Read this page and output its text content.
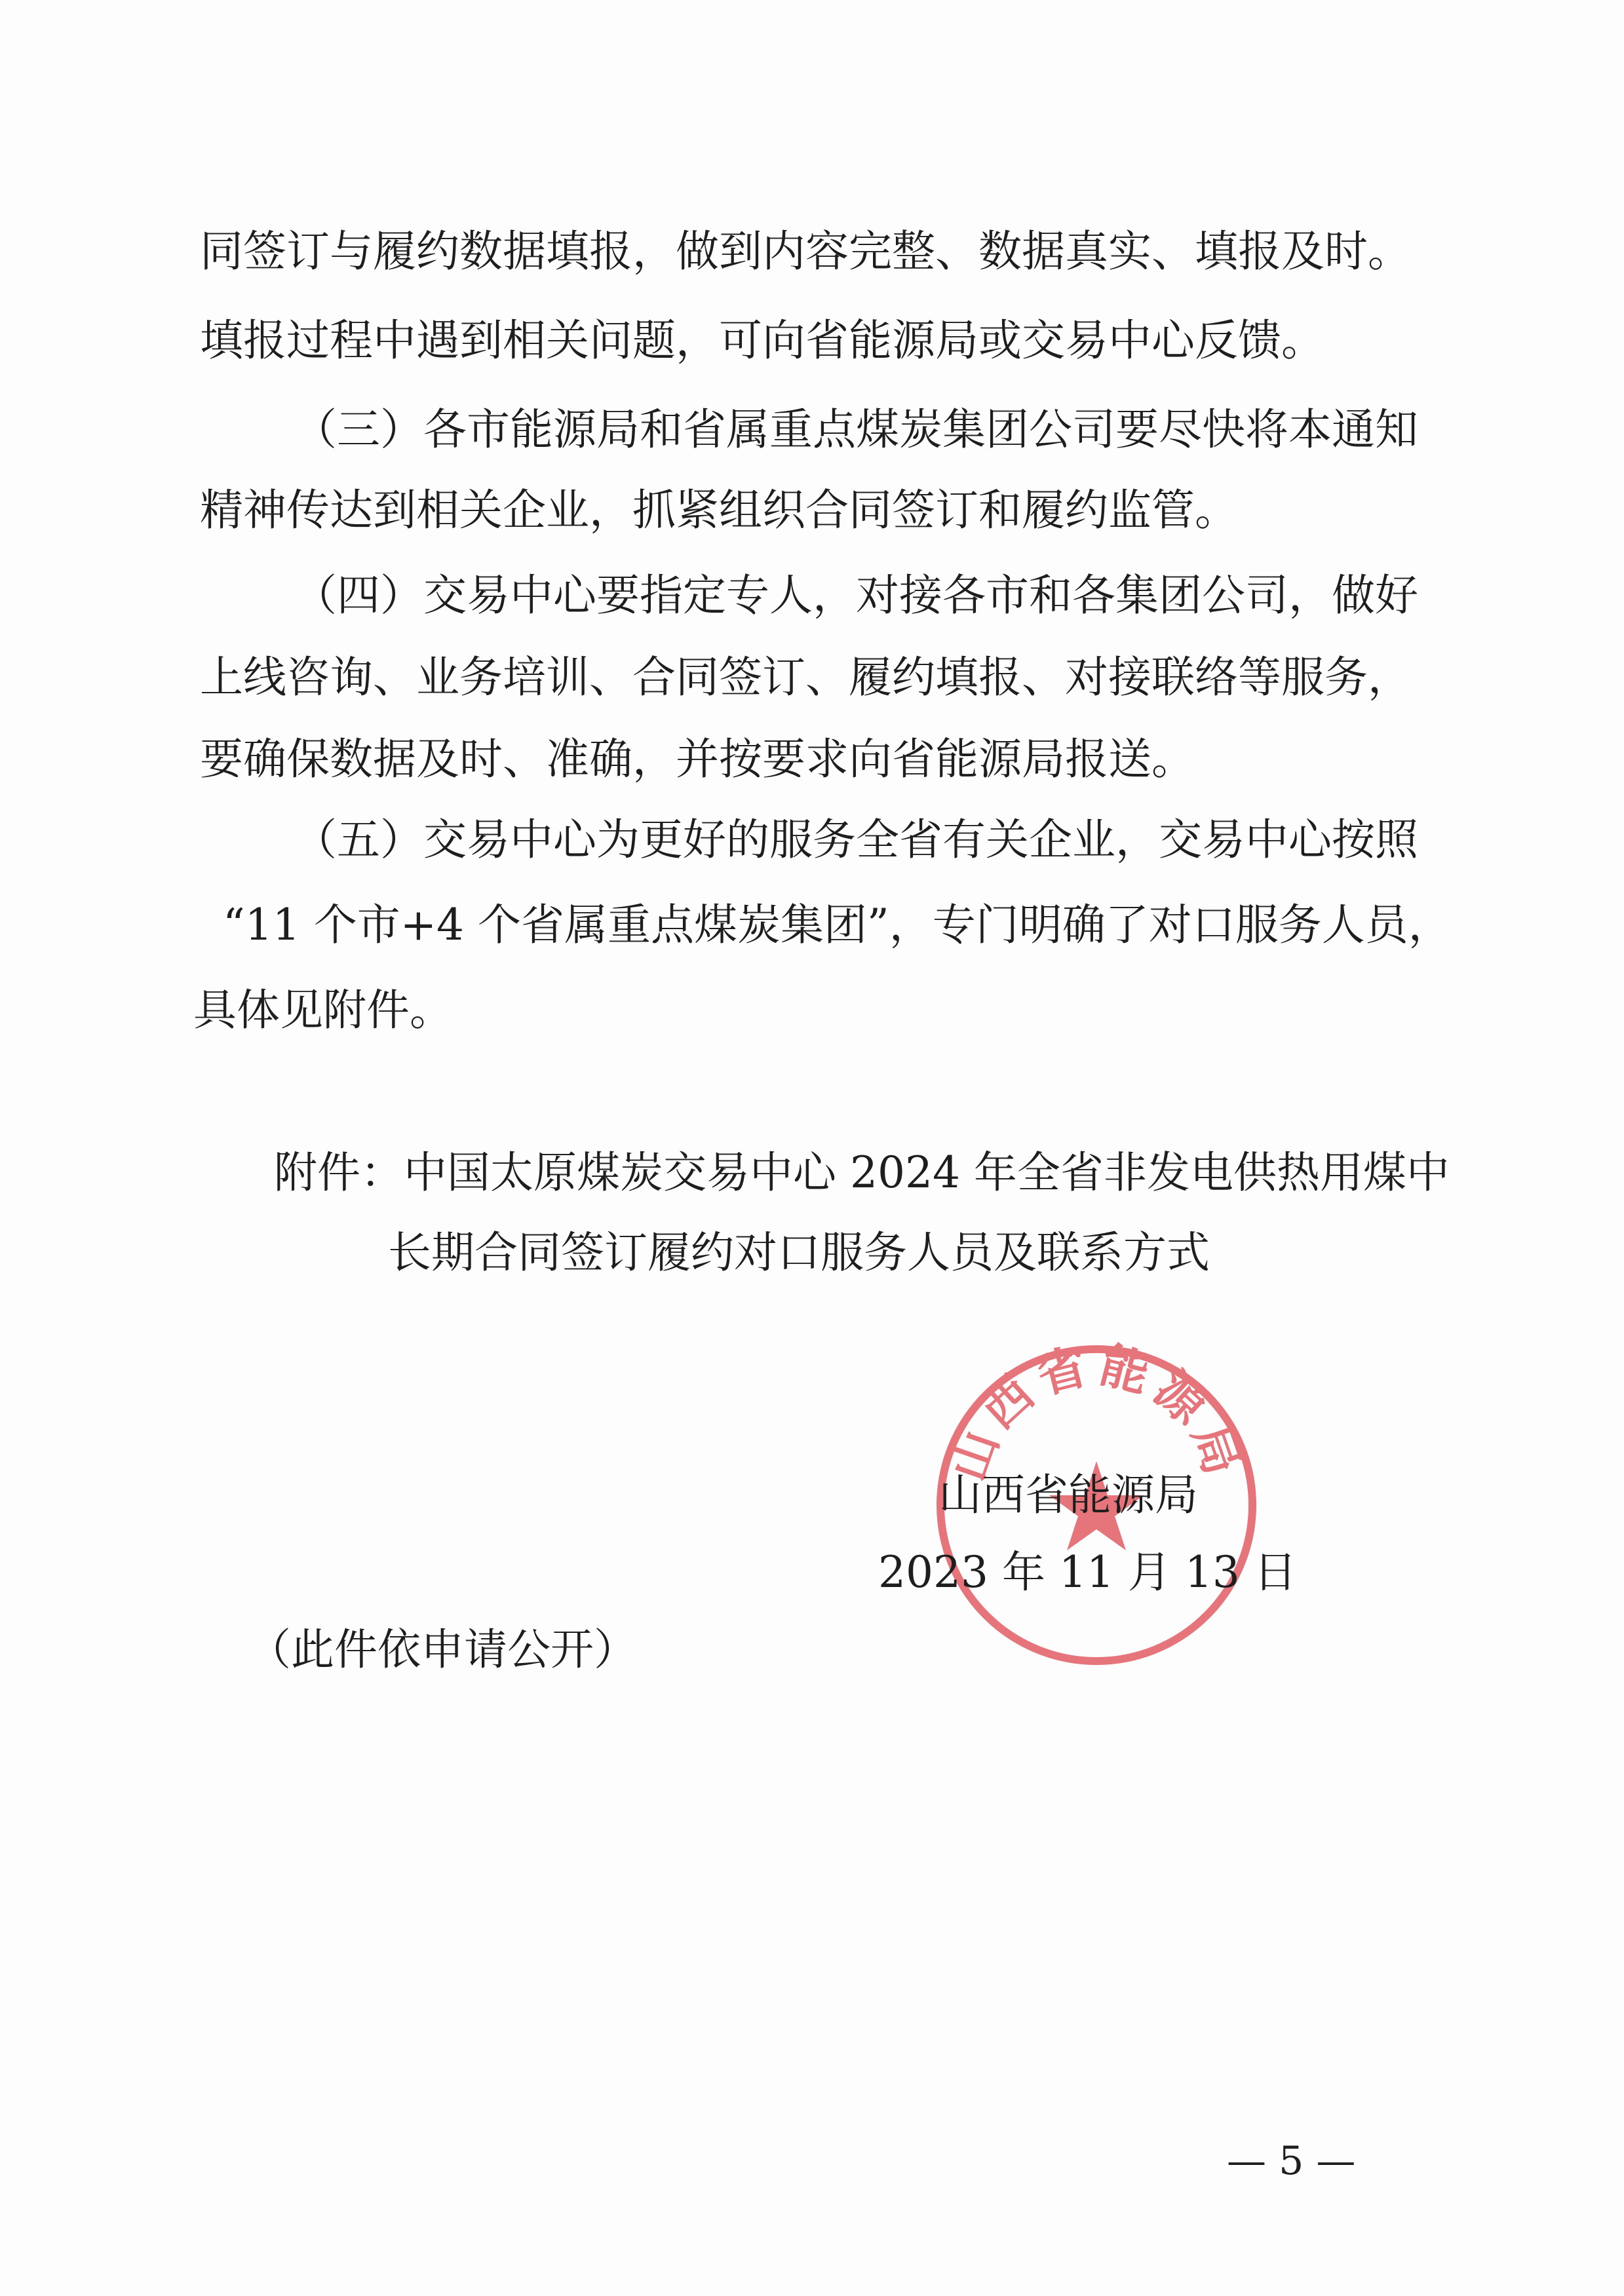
同签订与履约数据填报，做到内容完整、数据真实、填报及时。
填报过程中遇到相关问题，可向省能源局或交易中心反馈。
（三）各市能源局和省属重点煤炭集团公司要尽快将本通知
精神传达到相关企业，抓紧组织合同签订和履约监管。
（四）交易中心要指定专人，对接各市和各集团公司，做好
上线咨询、业务培训、合同签订、履约填报、对接联络等服务，
要确保数据及时、准确，并按要求向省能源局报送。
（五）交易中心为更好的服务全省有关企业，交易中心按照
“11 个市+4 个省属重点煤炭集团”，专门明确了对口服务人员，
具体见附件。
附件：中国太原煤炭交易中心 2024 年全省非发电供热用煤中
长期合同签订履约对口服务人员及联系方式
山西省能源局
山西省能源局
2023 年 11 月 13 日
（此件依申请公开）
— 5 —
